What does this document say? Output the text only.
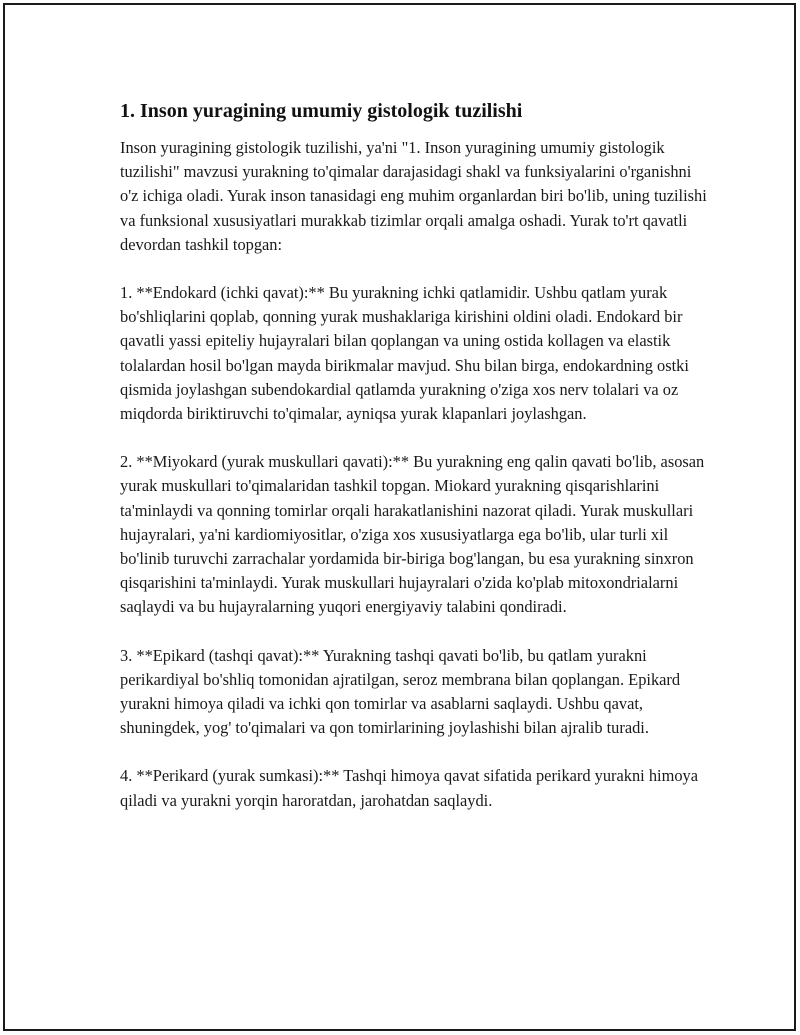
1. Inson yuragining umumiy gistologik tuzilishi

Inson yuragining gistologik tuzilishi, ya'ni "1. Inson yuragining umumiy gistologik tuzilishi" mavzusi yurakning to'qimalar darajasidagi shakl va funksiyalarini o'rganishni o'z ichiga oladi. Yurak inson tanasidagi eng muhim organlardan biri bo'lib, uning tuzilishi va funksional xususiyatlari murakkab tizimlar orqali amalga oshadi. Yurak to'rt qavatli devordan tashkil topgan:

1. **Endokard (ichki qavat):** Bu yurakning ichki qatlamidir. Ushbu qatlam yurak bo'shliqlarini qoplab, qonning yurak mushaklariga kirishini oldini oladi. Endokard bir qavatli yassi epiteliy hujayralari bilan qoplangan va uning ostida kollagen va elastik tolalardan hosil bo'lgan mayda birikmalar mavjud. Shu bilan birga, endokardning ostki qismida joylashgan subendokardial qatlamda yurakning o'ziga xos nerv tolalari va oz miqdorda biriktiruvchi to'qimalar, ayniqsa yurak klapanlari joylashgan.

2. **Miyokard (yurak muskullari qavati):** Bu yurakning eng qalin qavati bo'lib, asosan yurak muskullari to'qimalaridan tashkil topgan. Miokard yurakning qisqarishlarini ta'minlaydi va qonning tomirlar orqali harakatlanishini nazorat qiladi. Yurak muskullari hujayralari, ya'ni kardiomiyositlar, o'ziga xos xususiyatlarga ega bo'lib, ular turli xil bo'linib turuvchi zarrachalar yordamida bir-biriga bog'langan, bu esa yurakning sinxron qisqarishini ta'minlaydi. Yurak muskullari hujayralari o'zida ko'plab mitoxondrialarni saqlaydi va bu hujayralarning yuqori energiyaviy talabini qondiradi.

3. **Epikard (tashqi qavat):** Yurakning tashqi qavati bo'lib, bu qatlam yurakni perikardiyal bo'shliq tomonidan ajratilgan, seroz membrana bilan qoplangan. Epikard yurakni himoya qiladi va ichki qon tomirlar va asablarni saqlaydi. Ushbu qavat, shuningdek, yog' to'qimalari va qon tomirlarining joylashishi bilan ajralib turadi.

4. **Perikard (yurak sumkasi):** Tashqi himoya qavat sifatida perikard yurakni himoya qiladi va yurakni yorqin haroratdan, jarohatdan saqlaydi.
